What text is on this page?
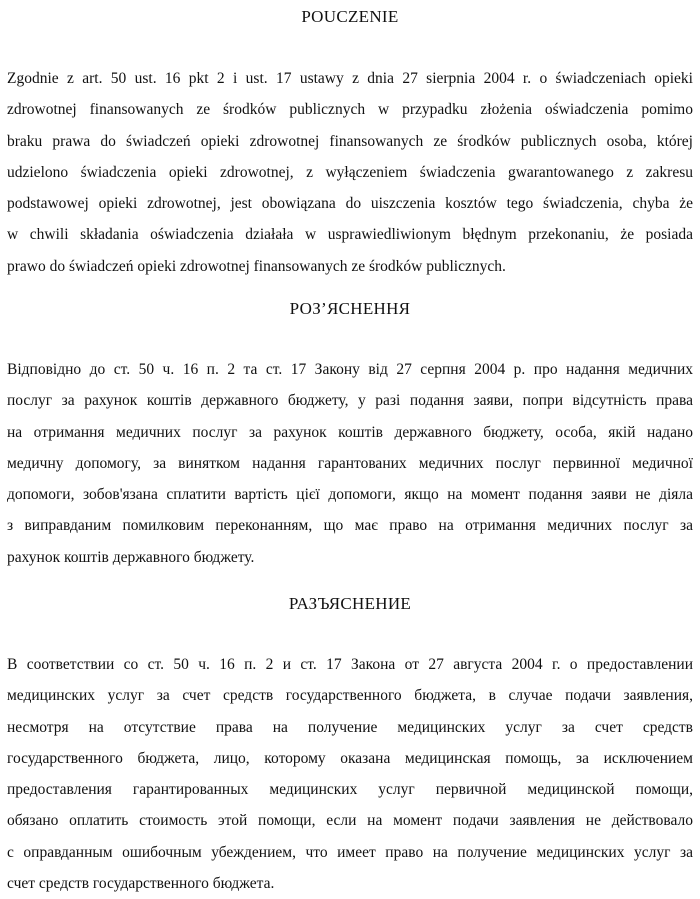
POUCZENIE
Zgodnie z art. 50 ust. 16 pkt 2 i ust. 17 ustawy z dnia 27 sierpnia 2004 r. o świadczeniach opieki
zdrowotnej finansowanych ze środków publicznych w przypadku złożenia oświadczenia pomimo
braku prawa do świadczeń opieki zdrowotnej finansowanych ze środków publicznych osoba, której
udzielono świadczenia opieki zdrowotnej, z wyłączeniem świadczenia gwarantowanego z zakresu
podstawowej opieki zdrowotnej, jest obowiązana do uiszczenia kosztów tego świadczenia, chyba że
w chwili składania oświadczenia działała w usprawiedliwionym błędnym przekonaniu, że posiada
prawo do świadczeń opieki zdrowotnej finansowanych ze środków publicznych.
РОЗ’ЯСНЕННЯ
Відповідно до ст. 50 ч. 16 п. 2 та ст. 17 Закону від 27 серпня 2004 р. про надання медичних
послуг за рахунок коштів державного бюджету, у разі подання заяви, попри відсутність права
на отримання медичних послуг за рахунок коштів державного бюджету, особа, якій надано
медичну допомогу, за винятком надання гарантованих медичних послуг первинної медичної
допомоги, зобов'язана сплатити вартість цієї допомоги, якщо на момент подання заяви не діяла
з виправданим помилковим переконанням, що має право на отримання медичних послуг за
рахунок коштів державного бюджету.
РАЗЪЯСНЕНИЕ
В соответствии со ст. 50 ч. 16 п. 2 и ст. 17 Закона от 27 августа 2004 г. о предоставлении
медицинских услуг за счет средств государственного бюджета, в случае подачи заявления,
несмотря на отсутствие права на получение медицинских услуг за счет средств
государственного бюджета, лицо, которому оказана медицинская помощь, за исключением
предоставления гарантированных медицинских услуг первичной медицинской помощи,
обязано оплатить стоимость этой помощи, если на момент подачи заявления не действовало
с оправданным ошибочным убеждением, что имеет право на получение медицинских услуг за
счет средств государственного бюджета.
